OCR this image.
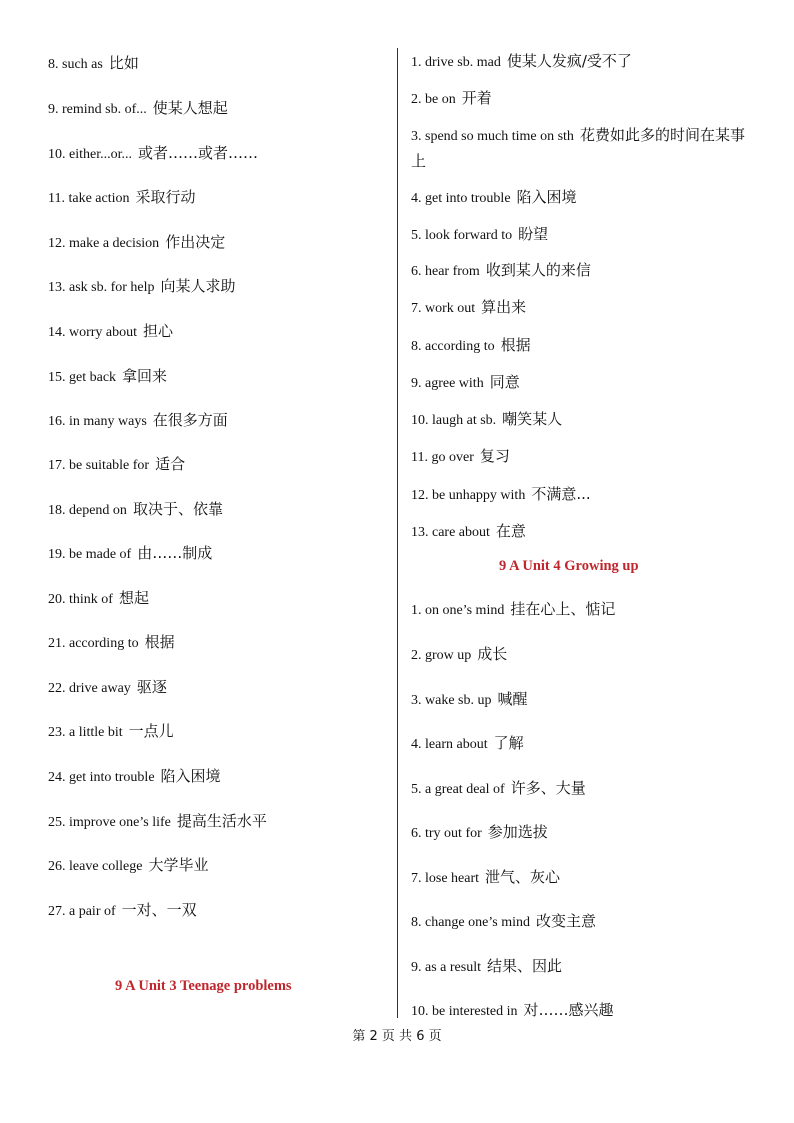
8. such as 比如
9. remind sb. of... 使某人想起
10. either...or... 或者……或者……
11. take action 采取行动
12. make a decision 作出决定
13. ask sb. for help 向某人求助
14. worry about 担心
15. get back 拿回来
16. in many ways 在很多方面
17. be suitable for 适合
18. depend on 取决于、依靠
19. be made of 由……制成
20. think of 想起
21. according to 根据
22. drive away 驱逐
23. a little bit 一点儿
24. get into trouble 陷入困境
25. improve one’s life 提高生活水平
26. leave college 大学毕业
27. a pair of 一对、一双
9 A Unit 3 Teenage problems
1. drive sb. mad 使某人发疯/受不了
2. be on 开着
3. spend so much time on sth 花费如此多的时间在某事上
4. get into trouble 陷入困境
5. look forward to 盼望
6. hear from 收到某人的来信
7. work out 算出来
8. according to 根据
9. agree with 同意
10. laugh at sb. 嘲笑某人
11. go over 复习
12. be unhappy with 不满意...
13. care about 在意
9 A Unit 4 Growing up
1. on one’s mind 挂在心上、惦记
2. grow up 成长
3. wake sb. up 喊醒
4. learn about 了解
5. a great deal of 许多、大量
6. try out for 参加选拔
7. lose heart 泄气、灰心
8. change one’s mind 改变主意
9. as a result 结果、因此
10. be interested in 对……感兴趣
第 2 页 共 6 页
